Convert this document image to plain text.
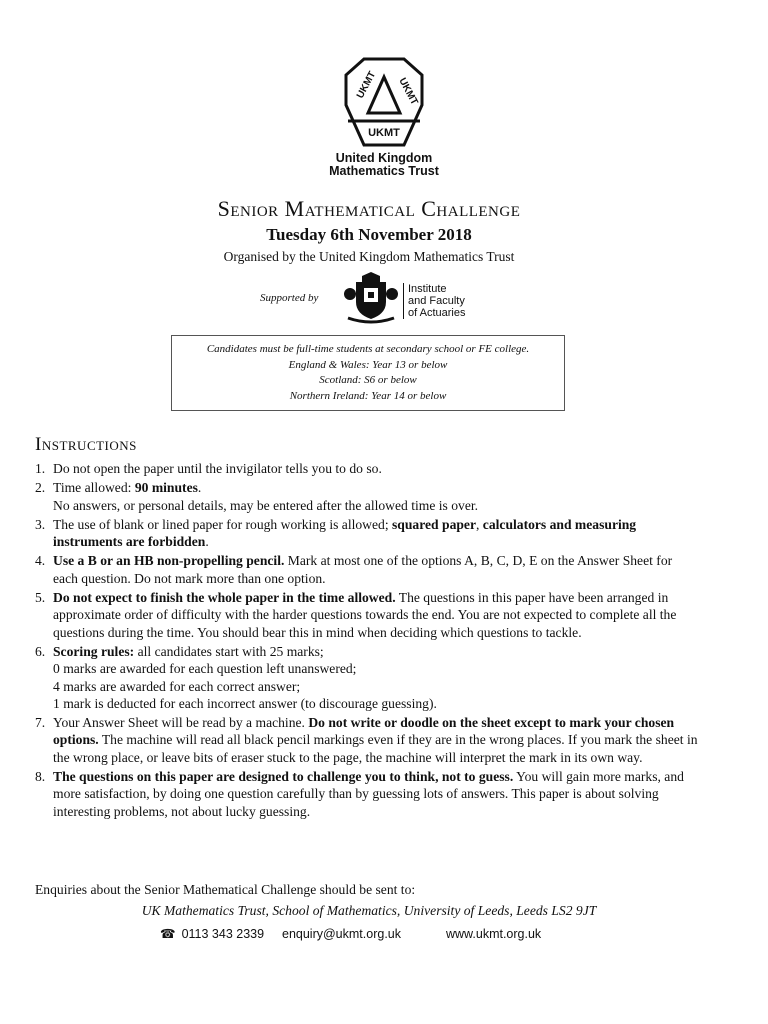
UKMT UKMT
UKMT
United Kingdom
Mathematics Trust
Senior Mathematical Challenge
Tuesday 6th November 2018
Organised by the United Kingdom Mathematics Trust
Supported by
Institute
and Faculty
of Actuaries
Candidates must be full-time students at secondary school or FE college.
England & Wales: Year 13 or below
Scotland: S6 or below
Northern Ireland: Year 14 or below
Instructions
1. Do not open the paper until the invigilator tells you to do so.
2. Time allowed: 90 minutes.
No answers, or personal details, may be entered after the allowed time is over.
3. The use of blank or lined paper for rough working is allowed; squared paper, calculators and measuring instruments are forbidden.
4. Use a B or an HB non-propelling pencil. Mark at most one of the options A, B, C, D, E on the Answer Sheet for each question. Do not mark more than one option.
5. Do not expect to finish the whole paper in the time allowed. The questions in this paper have been arranged in approximate order of difficulty with the harder questions towards the end. You are not expected to complete all the questions during the time. You should bear this in mind when deciding which questions to tackle.
6. Scoring rules: all candidates start with 25 marks;
0 marks are awarded for each question left unanswered;
4 marks are awarded for each correct answer;
1 mark is deducted for each incorrect answer (to discourage guessing).
7. Your Answer Sheet will be read by a machine. Do not write or doodle on the sheet except to mark your chosen options. The machine will read all black pencil markings even if they are in the wrong places. If you mark the sheet in the wrong place, or leave bits of eraser stuck to the page, the machine will interpret the mark in its own way.
8. The questions on this paper are designed to challenge you to think, not to guess. You will gain more marks, and more satisfaction, by doing one question carefully than by guessing lots of answers. This paper is about solving interesting problems, not about lucky guessing.
Enquiries about the Senior Mathematical Challenge should be sent to:
UK Mathematics Trust, School of Mathematics, University of Leeds, Leeds LS2 9JT
☎ 0113 343 2339 enquiry@ukmt.org.uk	www.ukmt.org.uk
